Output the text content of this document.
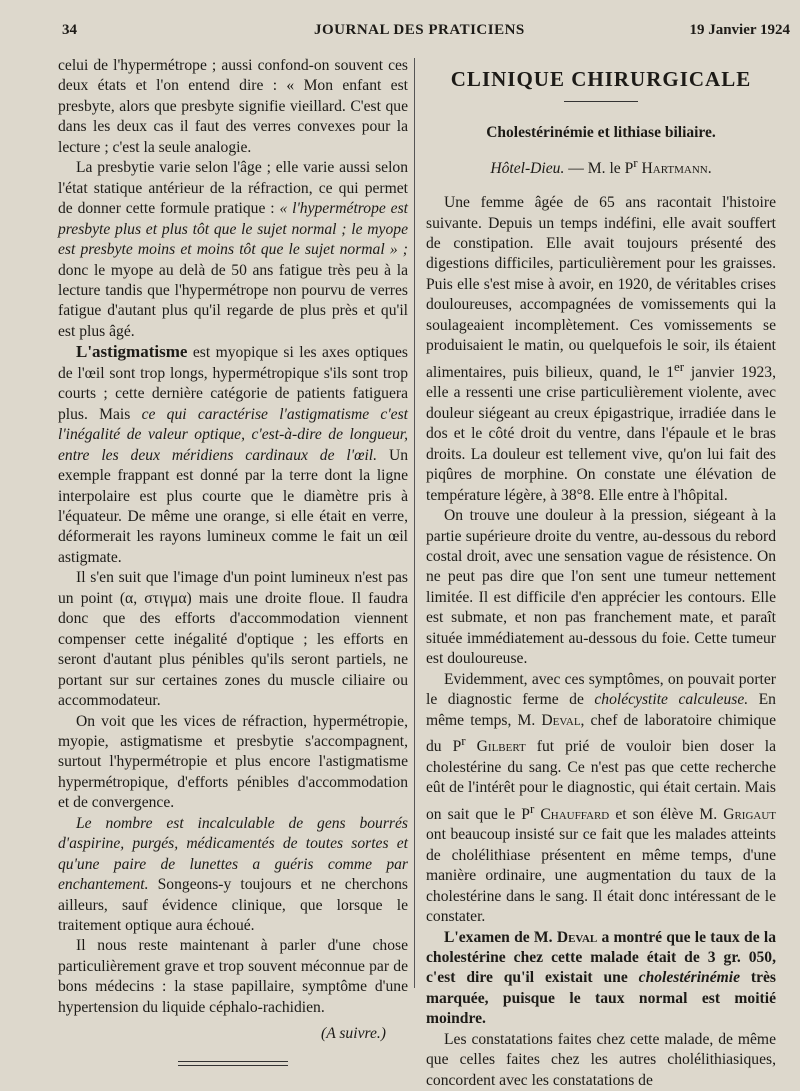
34	JOURNAL DES PRATICIENS	19 Janvier 1924

celui de l'hypermétrope ; aussi confond-on souvent ces deux états et l'on entend dire : « Mon enfant est presbyte, alors que presbyte signifie vieillard. C'est que dans les deux cas il faut des verres convexes pour la lecture ; c'est la seule analogie.

La presbytie varie selon l'âge ; elle varie aussi selon l'état statique antérieur de la réfraction, ce qui permet de donner cette formule pratique : « l'hypermétrope est presbyte plus et plus tôt que le sujet normal ; le myope est presbyte moins et moins tôt que le sujet normal » ; donc le myope au delà de 50 ans fatigue très peu à la lecture tandis que l'hypermétrope non pourvu de verres fatigue d'autant plus qu'il regarde de plus près et qu'il est plus âgé.

L'astigmatisme est myopique si les axes optiques de l'œil sont trop longs, hypermétropique s'ils sont trop courts ; cette dernière catégorie de patients fatiguera plus. Mais ce qui caractérise l'astigmatisme c'est l'inégalité de valeur optique, c'est-à-dire de longueur, entre les deux méridiens cardinaux de l'œil. Un exemple frappant est donné par la terre dont la ligne interpolaire est plus courte que le diamètre pris à l'équateur. De même une orange, si elle était en verre, déformerait les rayons lumineux comme le fait un œil astigmate.

Il s'en suit que l'image d'un point lumineux n'est pas un point (α, στιγμα) mais une droite floue. Il faudra donc que des efforts d'accommodation viennent compenser cette inégalité d'optique ; les efforts en seront d'autant plus pénibles qu'ils seront partiels, ne portant sur sur certaines zones du muscle ciliaire ou accommodateur.

On voit que les vices de réfraction, hypermétropie, myopie, astigmatisme et presbytie s'accompagnent, surtout l'hypermétropie et plus encore l'astigmatisme hypermétropique, d'efforts pénibles d'accommodation et de convergence.

Le nombre est incalculable de gens bourrés d'aspirine, purgés, médicamentés de toutes sortes et qu'une paire de lunettes a guéris comme par enchantement. Songeons-y toujours et ne cherchons ailleurs, sauf évidence clinique, que lorsque le traitement optique aura échoué.

Il nous reste maintenant à parler d'une chose particulièrement grave et trop souvent méconnue par de bons médecins : la stase papillaire, symptôme d'une hypertension du liquide céphalo-rachidien.

(A suivre.)

CLINIQUE CHIRURGICALE
Cholestérinémie et lithiase biliaire.
Hôtel-Dieu. — M. le $P^r$ Hartmann.

Une femme âgée de 65 ans racontait l'histoire suivante. Depuis un temps indéfini, elle avait souffert de constipation. Elle avait toujours présenté des digestions difficiles, particulièrement pour les graisses. Puis elle s'est mise à avoir, en 1920, de véritables crises douloureuses, accompagnées de vomissements qui la soulageaient incomplètement. Ces vomissements se produisaient le matin, ou quelquefois le soir, ils étaient alimentaires, puis bilieux, quand, le 1er janvier 1923, elle a ressenti une crise particulièrement violente, avec douleur siégeant au creux épigastrique, irradiée dans le dos et le côté droit du ventre, dans l'épaule et le bras droits. La douleur est tellement vive, qu'on lui fait des piqûres de morphine. On constate une élévation de température légère, à 38°8. Elle entre à l'hôpital.

On trouve une douleur à la pression, siégeant à la partie supérieure droite du ventre, au-dessous du rebord costal droit, avec une sensation vague de résistence. On ne peut pas dire que l'on sent une tumeur nettement limitée. Il est difficile d'en apprécier les contours. Elle est submate, et non pas franchement mate, et paraît située immédiatement au-dessous du foie. Cette tumeur est douloureuse.

Evidemment, avec ces symptômes, on pouvait porter le diagnostic ferme de cholécystite calculeuse. En même temps, M. Deval, chef de laboratoire chimique du $P^r$ Gilbert fut prié de vouloir bien doser la cholestérine du sang. Ce n'est pas que cette recherche eût de l'intérêt pour le diagnostic, qui était certain. Mais on sait que le $P^r$ Chauffard et son élève M. Grigaut ont beaucoup insisté sur ce fait que les malades atteints de cholélithiase présentent en même temps, d'une manière ordinaire, une augmentation du taux de la cholestérine dans le sang. Il était donc intéressant de le constater.

L'examen de M. Deval a montré que le taux de la cholestérine chez cette malade était de 3 gr. 050, c'est dire qu'il existait une cholestérinémie très marquée, puisque le taux normal est moitié moindre.

Les constatations faites chez cette malade, de même que celles faites chez les autres cholélithiasiques, concordent avec les constatations de
